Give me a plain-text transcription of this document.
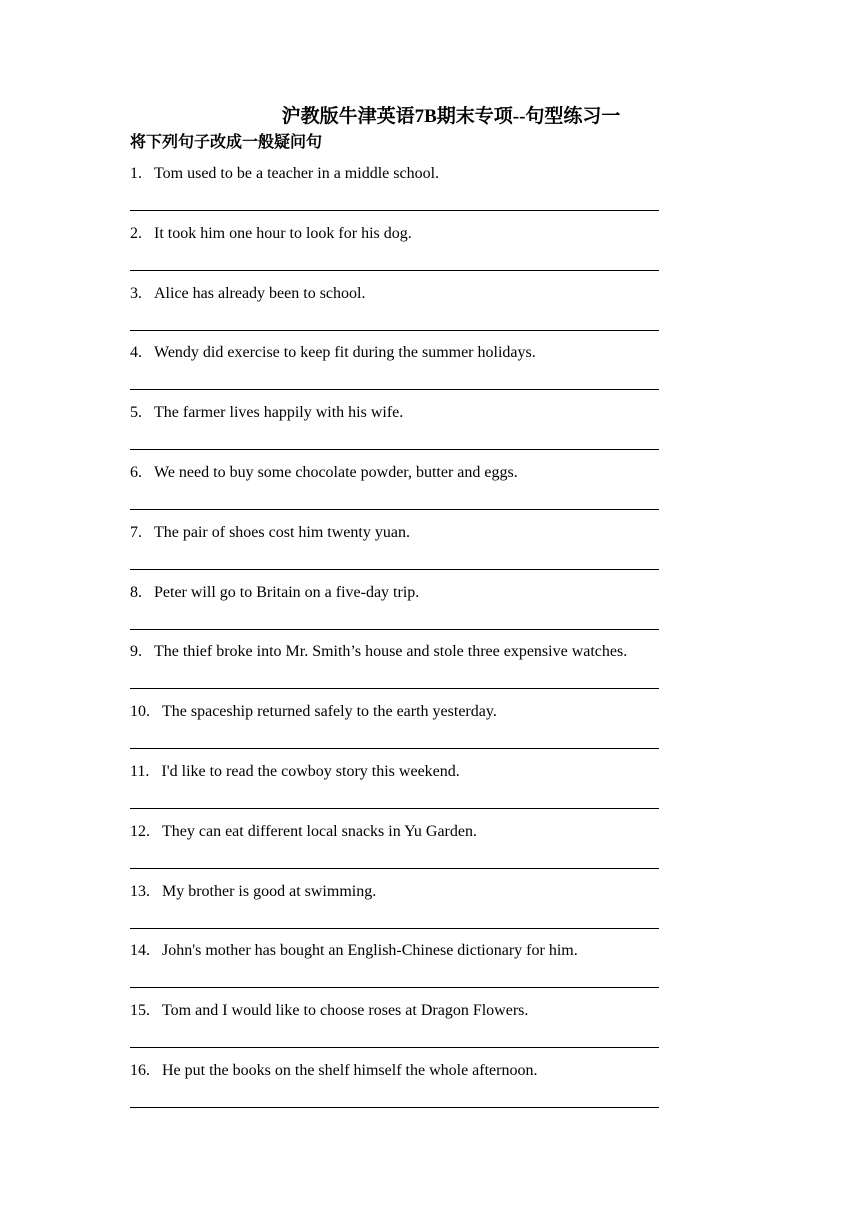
沪教版牛津英语7B期末专项--句型练习一
将下列句子改成一般疑问句
1. Tom used to be a teacher in a middle school.
2. It took him one hour to look for his dog.
3. Alice has already been to school.
4. Wendy did exercise to keep fit during the summer holidays.
5. The farmer lives happily with his wife.
6. We need to buy some chocolate powder, butter and eggs.
7. The pair of shoes cost him twenty yuan.
8. Peter will go to Britain on a five-day trip.
9. The thief broke into Mr. Smith’s house and stole three expensive watches.
10. The spaceship returned safely to the earth yesterday.
11. I'd like to read the cowboy story this weekend.
12. They can eat different local snacks in Yu Garden.
13. My brother is good at swimming.
14. John's mother has bought an English-Chinese dictionary for him.
15. Tom and I would like to choose roses at Dragon Flowers.
16. He put the books on the shelf himself the whole afternoon.
